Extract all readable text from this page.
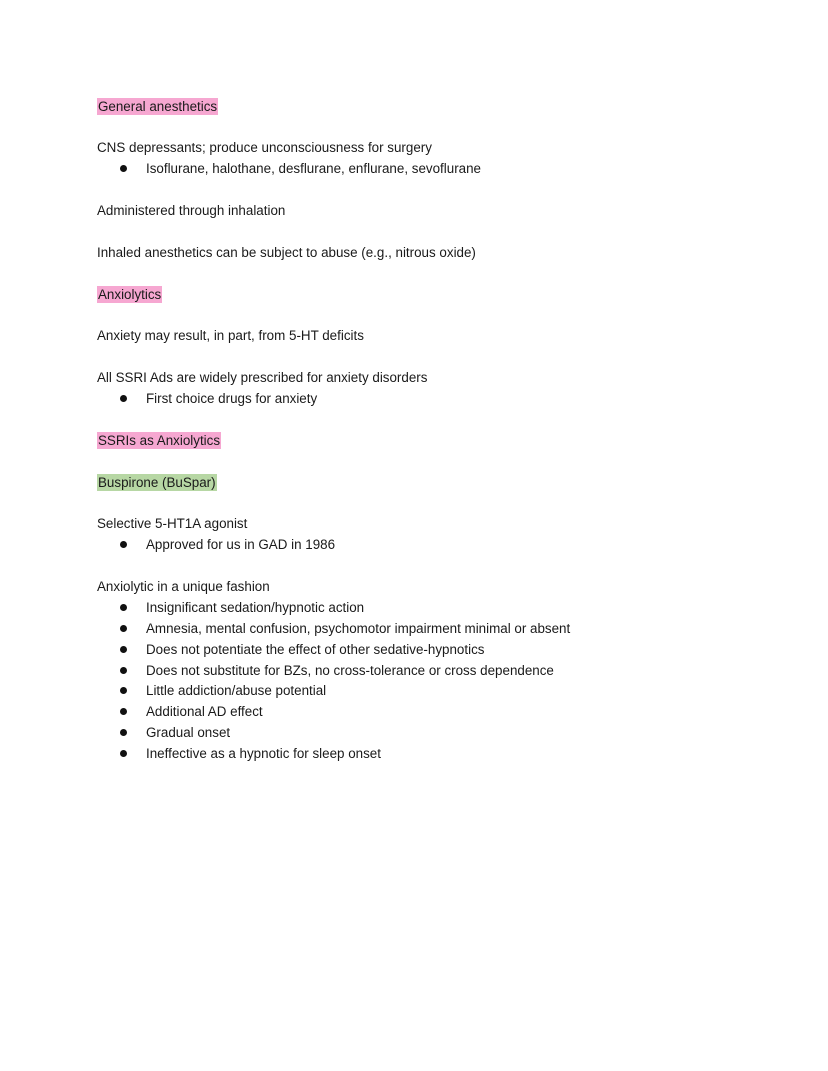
General anesthetics
CNS depressants; produce unconsciousness for surgery
Isoflurane, halothane, desflurane, enflurane, sevoflurane
Administered through inhalation
Inhaled anesthetics can be subject to abuse (e.g., nitrous oxide)
Anxiolytics
Anxiety may result, in part, from 5-HT deficits
All SSRI Ads are widely prescribed for anxiety disorders
First choice drugs for anxiety
SSRIs as Anxiolytics
Buspirone (BuSpar)
Selective 5-HT1A agonist
Approved for us in GAD in 1986
Anxiolytic in a unique fashion
Insignificant sedation/hypnotic action
Amnesia, mental confusion, psychomotor impairment minimal or absent
Does not potentiate the effect of other sedative-hypnotics
Does not substitute for BZs, no cross-tolerance or cross dependence
Little addiction/abuse potential
Additional AD effect
Gradual onset
Ineffective as a hypnotic for sleep onset
